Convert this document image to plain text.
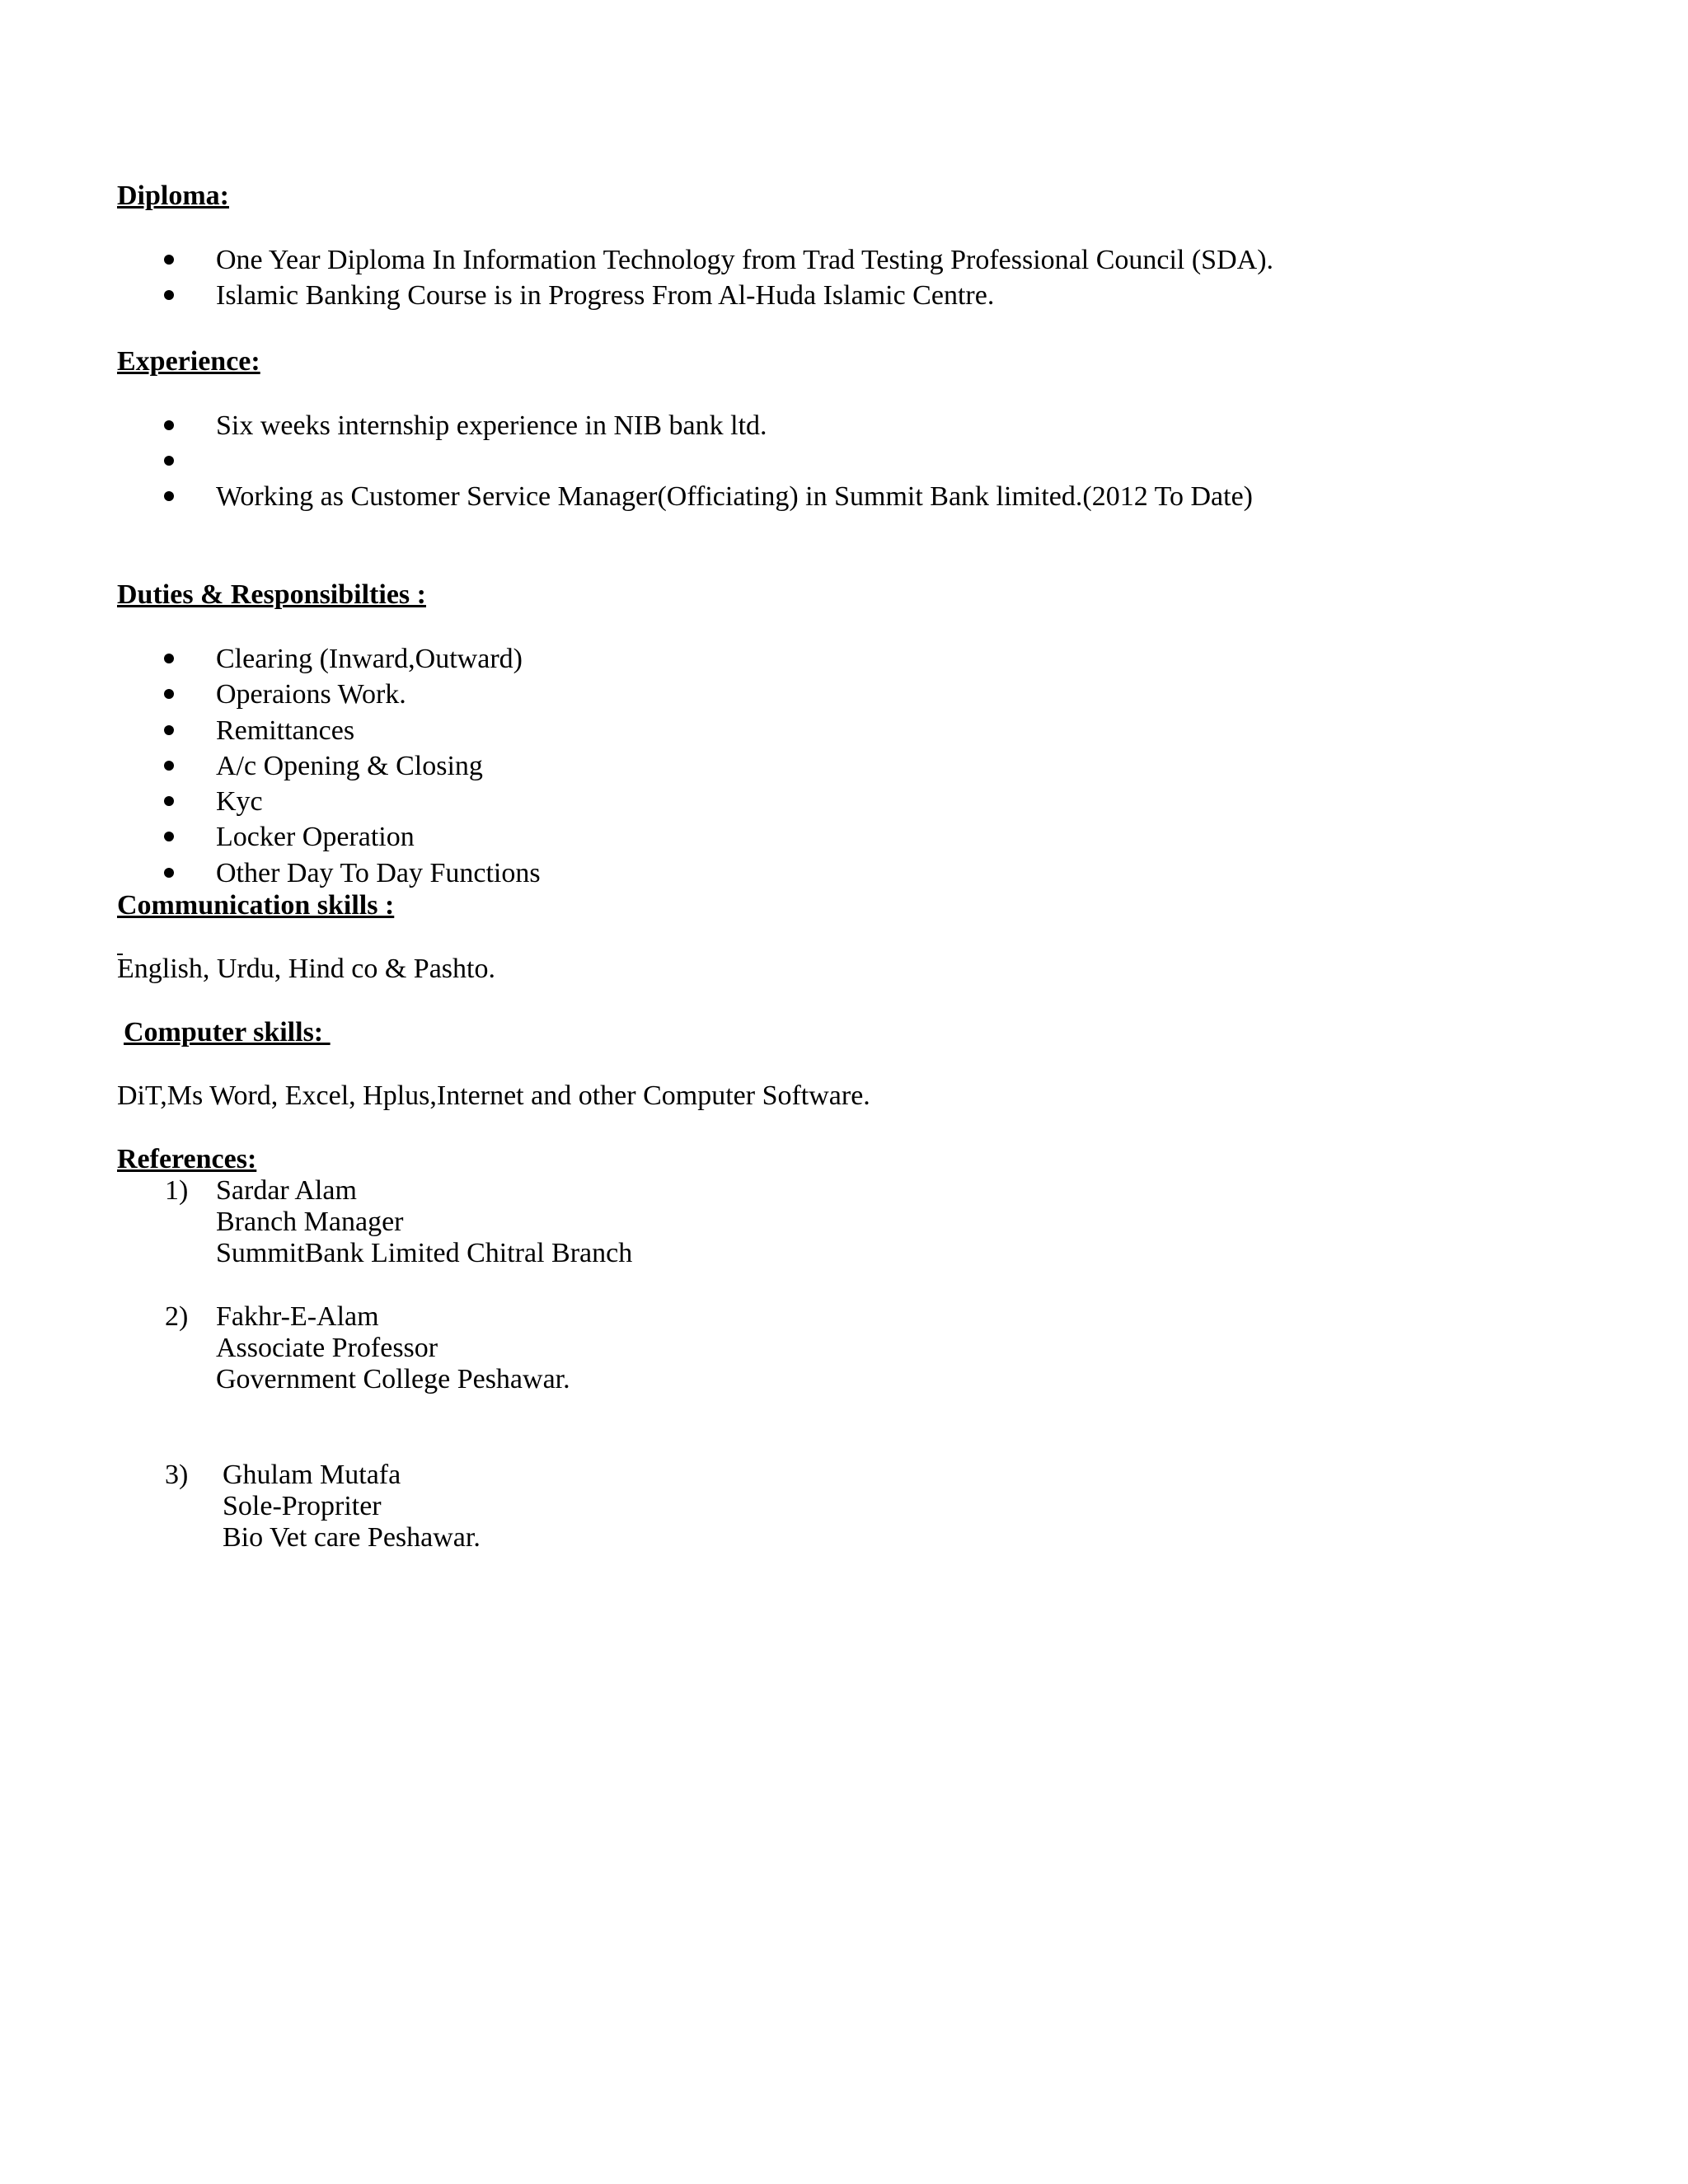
Diploma:
One Year Diploma In Information Technology from Trad Testing Professional Council (SDA).
Islamic Banking Course is in Progress From Al-Huda Islamic Centre.
Experience:
Six weeks internship experience in NIB bank ltd.
Working as Customer Service Manager(Officiating) in Summit Bank limited.(2012 To Date)
Duties & Responsibilties :
Clearing (Inward,Outward)
Operaions Work.
Remittances
A/c Opening & Closing
Kyc
Locker Operation
Other Day To Day Functions
Communication skills :
English, Urdu, Hind co & Pashto.
Computer skills:
DiT,Ms Word, Excel, Hplus,Internet and other Computer Software.
References:
1) Sardar Alam
Branch Manager
SummitBank Limited Chitral Branch
2) Fakhr-E-Alam
Associate Professor
Government College Peshawar.
3) Ghulam Mutafa
Sole-Propriter
Bio Vet care Peshawar.
